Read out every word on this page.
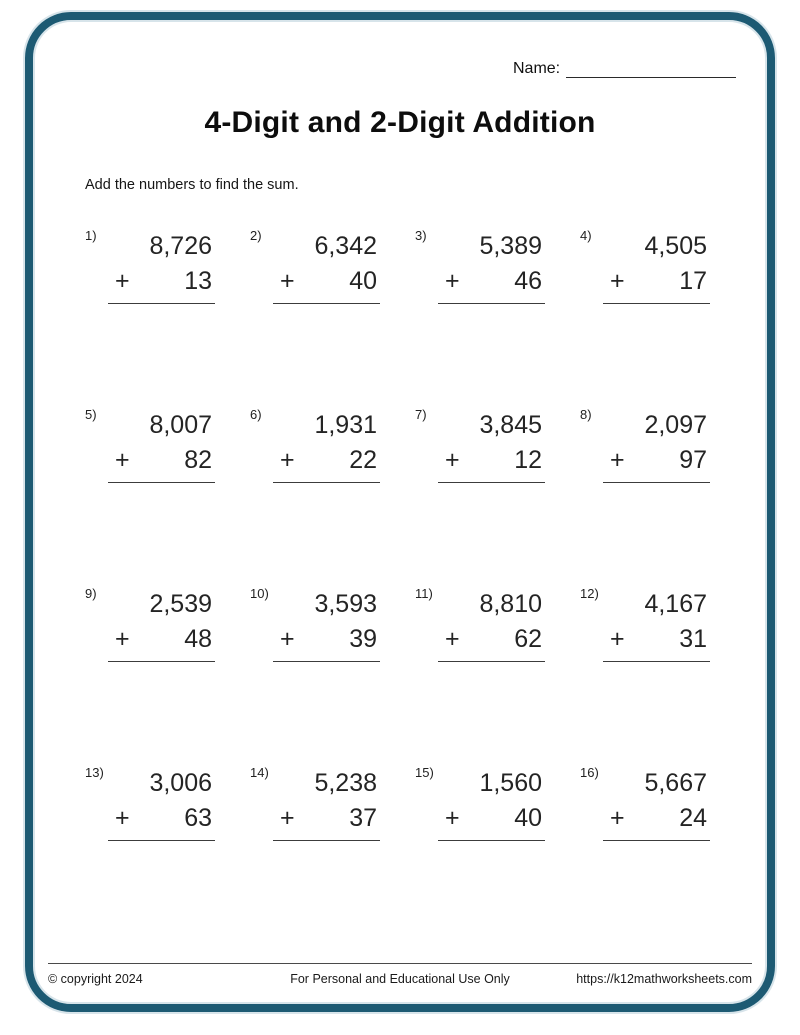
Name:
4-Digit and 2-Digit Addition

Add the numbers to find the sum.

1)	8,726
+ 13
2)	6,342
+ 40
3)	5,389
+ 46
4)	4,505
+ 17
5)	8,007
+ 82
6)	1,931
+ 22
7)	3,845
+ 12
8)	2,097
+ 97
9)	2,539
+ 48
10)	3,593
+ 39
11)	8,810
+ 62
12)	4,167
+ 31
13)	3,006
+ 63
14)	5,238
+ 37
15)	1,560
+ 40
16)	5,667
+ 24
© copyright 2024	For Personal and Educational Use Only	https://k12mathworksheets.com
